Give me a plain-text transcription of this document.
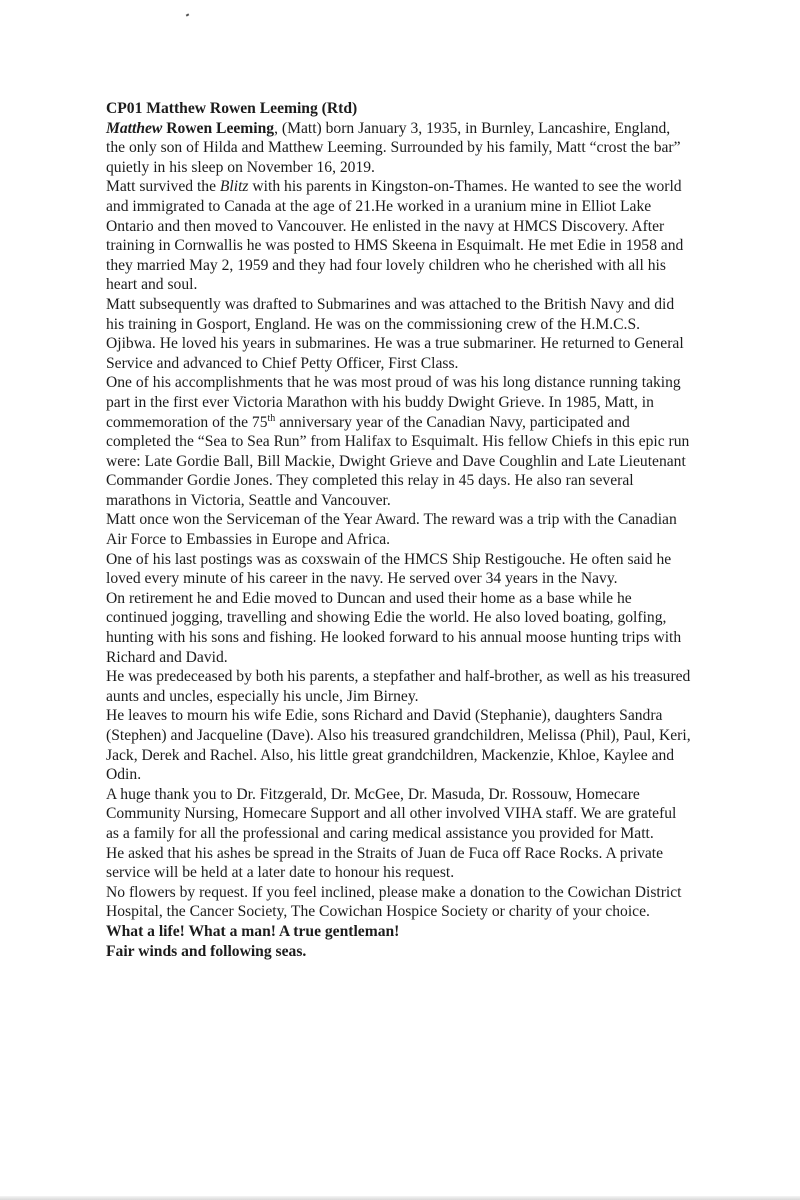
CP01 Matthew Rowen Leeming (Rtd)

Matthew Rowen Leeming, (Matt) born January 3, 1935, in Burnley, Lancashire, England, the only son of Hilda and Matthew Leeming. Surrounded by his family, Matt “crost the bar” quietly in his sleep on November 16, 2019.

Matt survived the Blitz with his parents in Kingston-on-Thames. He wanted to see the world and immigrated to Canada at the age of 21.He worked in a uranium mine in Elliot Lake Ontario and then moved to Vancouver. He enlisted in the navy at HMCS Discovery. After training in Cornwallis he was posted to HMS Skeena in Esquimalt. He met Edie in 1958 and they married May 2, 1959 and they had four lovely children who he cherished with all his heart and soul.

Matt subsequently was drafted to Submarines and was attached to the British Navy and did his training in Gosport, England. He was on the commissioning crew of the H.M.C.S. Ojibwa. He loved his years in submarines. He was a true submariner. He returned to General Service and advanced to Chief Petty Officer, First Class.

One of his accomplishments that he was most proud of was his long distance running taking part in the first ever Victoria Marathon with his buddy Dwight Grieve. In 1985, Matt, in commemoration of the 75th anniversary year of the Canadian Navy, participated and completed the “Sea to Sea Run” from Halifax to Esquimalt. His fellow Chiefs in this epic run were: Late Gordie Ball, Bill Mackie, Dwight Grieve and Dave Coughlin and Late Lieutenant Commander Gordie Jones. They completed this relay in 45 days. He also ran several marathons in Victoria, Seattle and Vancouver.

Matt once won the Serviceman of the Year Award. The reward was a trip with the Canadian Air Force to Embassies in Europe and Africa.

One of his last postings was as coxswain of the HMCS Ship Restigouche. He often said he loved every minute of his career in the navy. He served over 34 years in the Navy.

On retirement he and Edie moved to Duncan and used their home as a base while he continued jogging, travelling and showing Edie the world. He also loved boating, golfing, hunting with his sons and fishing. He looked forward to his annual moose hunting trips with Richard and David.

He was predeceased by both his parents, a stepfather and half-brother, as well as his treasured aunts and uncles, especially his uncle, Jim Birney.

He leaves to mourn his wife Edie, sons Richard and David (Stephanie), daughters Sandra (Stephen) and Jacqueline (Dave). Also his treasured grandchildren, Melissa (Phil), Paul, Keri, Jack, Derek and Rachel. Also, his little great grandchildren, Mackenzie, Khloe, Kaylee and Odin.

A huge thank you to Dr. Fitzgerald, Dr. McGee, Dr. Masuda, Dr. Rossouw, Homecare Community Nursing, Homecare Support and all other involved VIHA staff. We are grateful as a family for all the professional and caring medical assistance you provided for Matt.

He asked that his ashes be spread in the Straits of Juan de Fuca off Race Rocks. A private service will be held at a later date to honour his request.

No flowers by request. If you feel inclined, please make a donation to the Cowichan District Hospital, the Cancer Society, The Cowichan Hospice Society or charity of your choice.

What a life! What a man! A true gentleman!

Fair winds and following seas.
